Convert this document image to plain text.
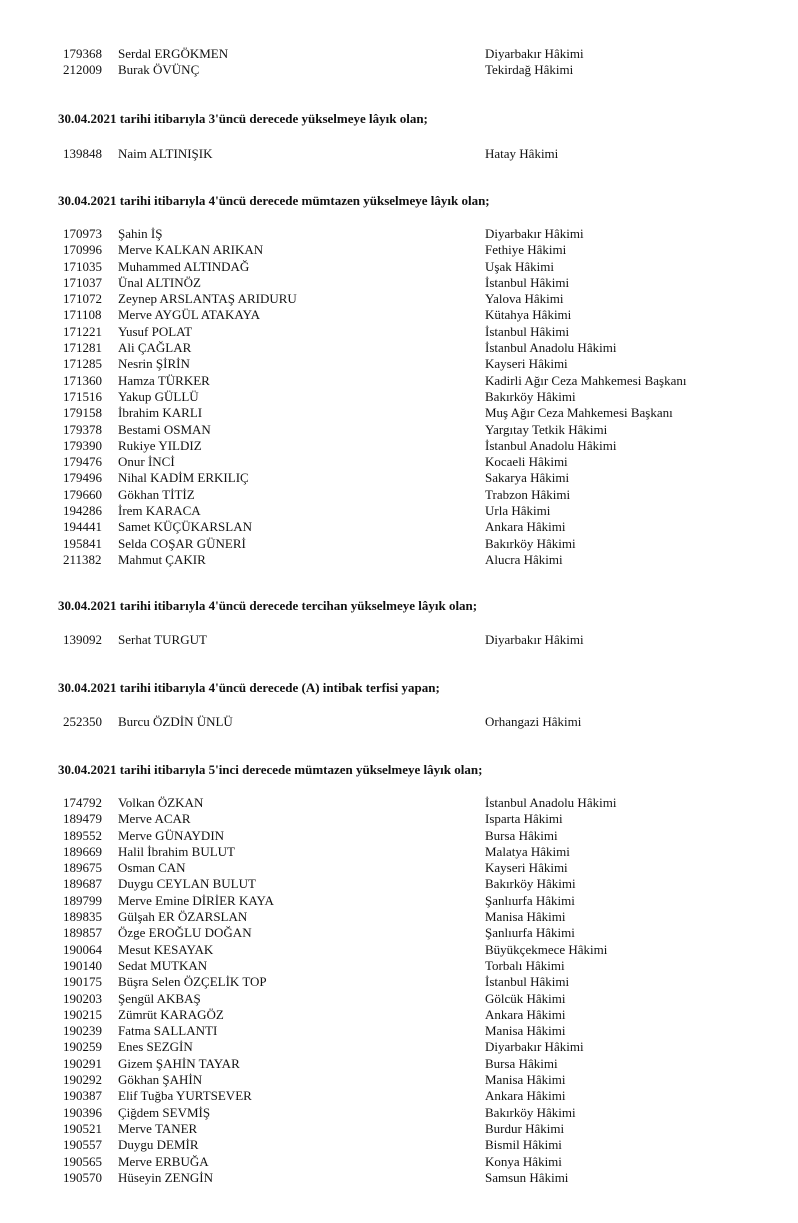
179368 Serdal ERGÖKMEN	Diyarbakır Hâkimi
212009 Burak ÖVÜNÇ	Tekirdağ Hâkimi
30.04.2021 tarihi itibarıyla 3'üncü derecede yükselmeye lâyık olan;
139848 Naim ALTINIŞIK	Hatay Hâkimi
30.04.2021 tarihi itibarıyla 4'üncü derecede mümtazen yükselmeye lâyık olan;
170973 Şahin İŞ	Diyarbakır Hâkimi
170996 Merve KALKAN ARIKAN	Fethiye Hâkimi
171035 Muhammed ALTINDAĞ	Uşak Hâkimi
171037 Ünal ALTINÖZ	İstanbul Hâkimi
171072 Zeynep ARSLANTAŞ ARIDURU	Yalova Hâkimi
171108 Merve AYGÜL ATAKAYA	Kütahya Hâkimi
171221 Yusuf POLAT	İstanbul Hâkimi
171281 Ali ÇAĞLAR	İstanbul Anadolu Hâkimi
171285 Nesrin ŞİRİN	Kayseri Hâkimi
171360 Hamza TÜRKER	Kadirli Ağır Ceza Mahkemesi Başkanı
171516 Yakup GÜLLÜ	Bakırköy Hâkimi
179158 İbrahim KARLI	Muş Ağır Ceza Mahkemesi Başkanı
179378 Bestami OSMAN	Yargıtay Tetkik Hâkimi
179390 Rukiye YILDIZ	İstanbul Anadolu Hâkimi
179476 Onur İNCİ	Kocaeli Hâkimi
179496 Nihal KADİM ERKILIÇ	Sakarya Hâkimi
179660 Gökhan TİTİZ	Trabzon Hâkimi
194286 İrem KARACA	Urla Hâkimi
194441 Samet KÜÇÜKARSLAN	Ankara Hâkimi
195841 Selda COŞAR GÜNERİ	Bakırköy Hâkimi
211382 Mahmut ÇAKIR	Alucra Hâkimi
30.04.2021 tarihi itibarıyla 4'üncü derecede tercihan yükselmeye lâyık olan;
139092 Serhat TURGUT	Diyarbakır Hâkimi
30.04.2021 tarihi itibarıyla 4'üncü derecede (A) intibak terfisi yapan;
252350 Burcu ÖZDİN ÜNLÜ	Orhangazi Hâkimi
30.04.2021 tarihi itibarıyla 5'inci derecede mümtazen yükselmeye lâyık olan;
174792 Volkan ÖZKAN	İstanbul Anadolu Hâkimi
189479 Merve ACAR	Isparta Hâkimi
189552 Merve GÜNAYDIN	Bursa Hâkimi
189669 Halil İbrahim BULUT	Malatya Hâkimi
189675 Osman CAN	Kayseri Hâkimi
189687 Duygu CEYLAN BULUT	Bakırköy Hâkimi
189799 Merve Emine DİRİER KAYA	Şanlıurfa Hâkimi
189835 Gülşah ER ÖZARSLAN	Manisa Hâkimi
189857 Özge EROĞLU DOĞAN	Şanlıurfa Hâkimi
190064 Mesut KESAYAK	Büyükçekmece Hâkimi
190140 Sedat MUTKAN	Torbalı Hâkimi
190175 Büşra Selen ÖZÇELİK TOP	İstanbul Hâkimi
190203 Şengül AKBAŞ	Gölcük Hâkimi
190215 Zümrüt KARAGÖZ	Ankara Hâkimi
190239 Fatma SALLANTI	Manisa Hâkimi
190259 Enes SEZGİN	Diyarbakır Hâkimi
190291 Gizem ŞAHİN TAYAR	Bursa Hâkimi
190292 Gökhan ŞAHİN	Manisa Hâkimi
190387 Elif Tuğba YURTSEVER	Ankara Hâkimi
190396 Çiğdem SEVMİŞ	Bakırköy Hâkimi
190521 Merve TANER	Burdur Hâkimi
190557 Duygu DEMİR	Bismil Hâkimi
190565 Merve ERBUĞA	Konya Hâkimi
190570 Hüseyin ZENGİN	Samsun Hâkimi
